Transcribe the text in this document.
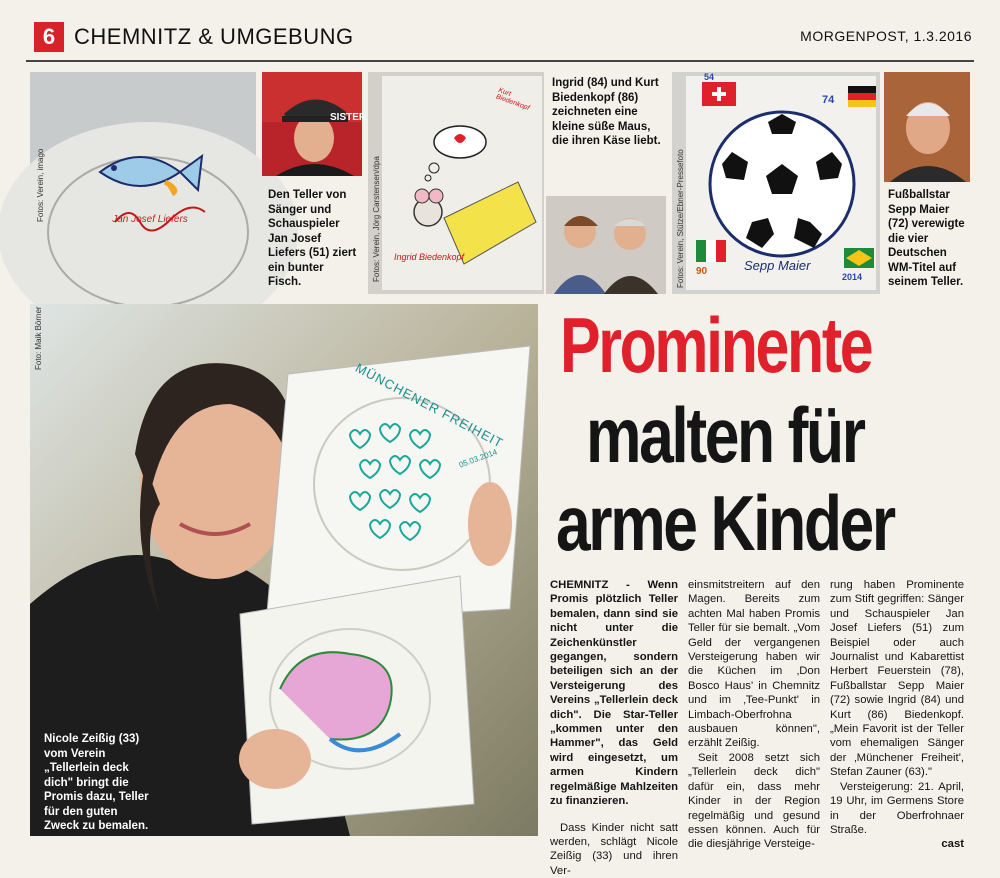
6 CHEMNITZ & UMGEBUNG	MORGENPOST, 1.3.2016
Fotos: Verein, imago	Jan Josef Liefers
SISTER
Den Teller von Sänger und Schauspieler Jan Josef Liefers (51) ziert ein bunter Fisch.	Fotos: Verein, Jörg Carstensen/dpa Ingrid Biedenkopf
Kurt Biedenkopf
Ingrid (84) und Kurt Biedenkopf (86) zeichneten eine kleine süße Maus, die ihren Käse liebt.
Fotos: Verein, Stütze/Ebner-Pressefoto
54
74
90	2014
Sepp Maier
Fußballstar Sepp Maier (72) verewigte die vier Deutschen WM-Titel auf seinem Teller.
Foto: Maik Börner
MÜNCHENER FREIHEIT
05.03.2014
Nicole Zeißig (33) vom Verein „Tellerlein deck dich" bringt die Promis dazu, Teller für den guten Zweck zu bemalen.
Prominente
malten für
arme Kinder

CHEMNITZ - Wenn Promis plötzlich Teller bemalen, dann sind sie nicht unter die Zeichenkünstler gegangen, sondern beteiligen sich an der Versteigerung des Vereins „Tellerlein deck dich". Die Star-Teller „kommen unter den Hammer", das Geld wird eingesetzt, um armen Kindern regelmäßige Mahlzeiten zu finanzieren.

Dass Kinder nicht satt werden, schlägt Nicole Zeißig (33) und ihren Ver-

einsmitstreitern auf den Magen. Bereits zum achten Mal haben Promis Teller für sie bemalt. „Vom Geld der vergangenen Versteigerung haben wir die Küchen im ‚Don Bosco Haus' in Chemnitz und im ‚Tee-Punkt' in Limbach-Oberfrohna ausbauen können", erzählt Zeißig.

Seit 2008 setzt sich „Tellerlein deck dich" dafür ein, dass mehr Kinder in der Region regelmäßig und gesund essen können. Auch für die diesjährige Versteige-

rung haben Prominente zum Stift gegriffen: Sänger und Schauspieler Jan Josef Liefers (51) zum Beispiel oder auch Journalist und Kabarettist Herbert Feuerstein (78), Fußballstar Sepp Maier (72) sowie Ingrid (84) und Kurt (86) Biedenkopf. „Mein Favorit ist der Teller vom ehemaligen Sänger der ‚Münchener Freiheit', Stefan Zauner (63)."

Versteigerung: 21. April, 19 Uhr, im Germens Store in der Oberfrohnaer Straße.

cast
